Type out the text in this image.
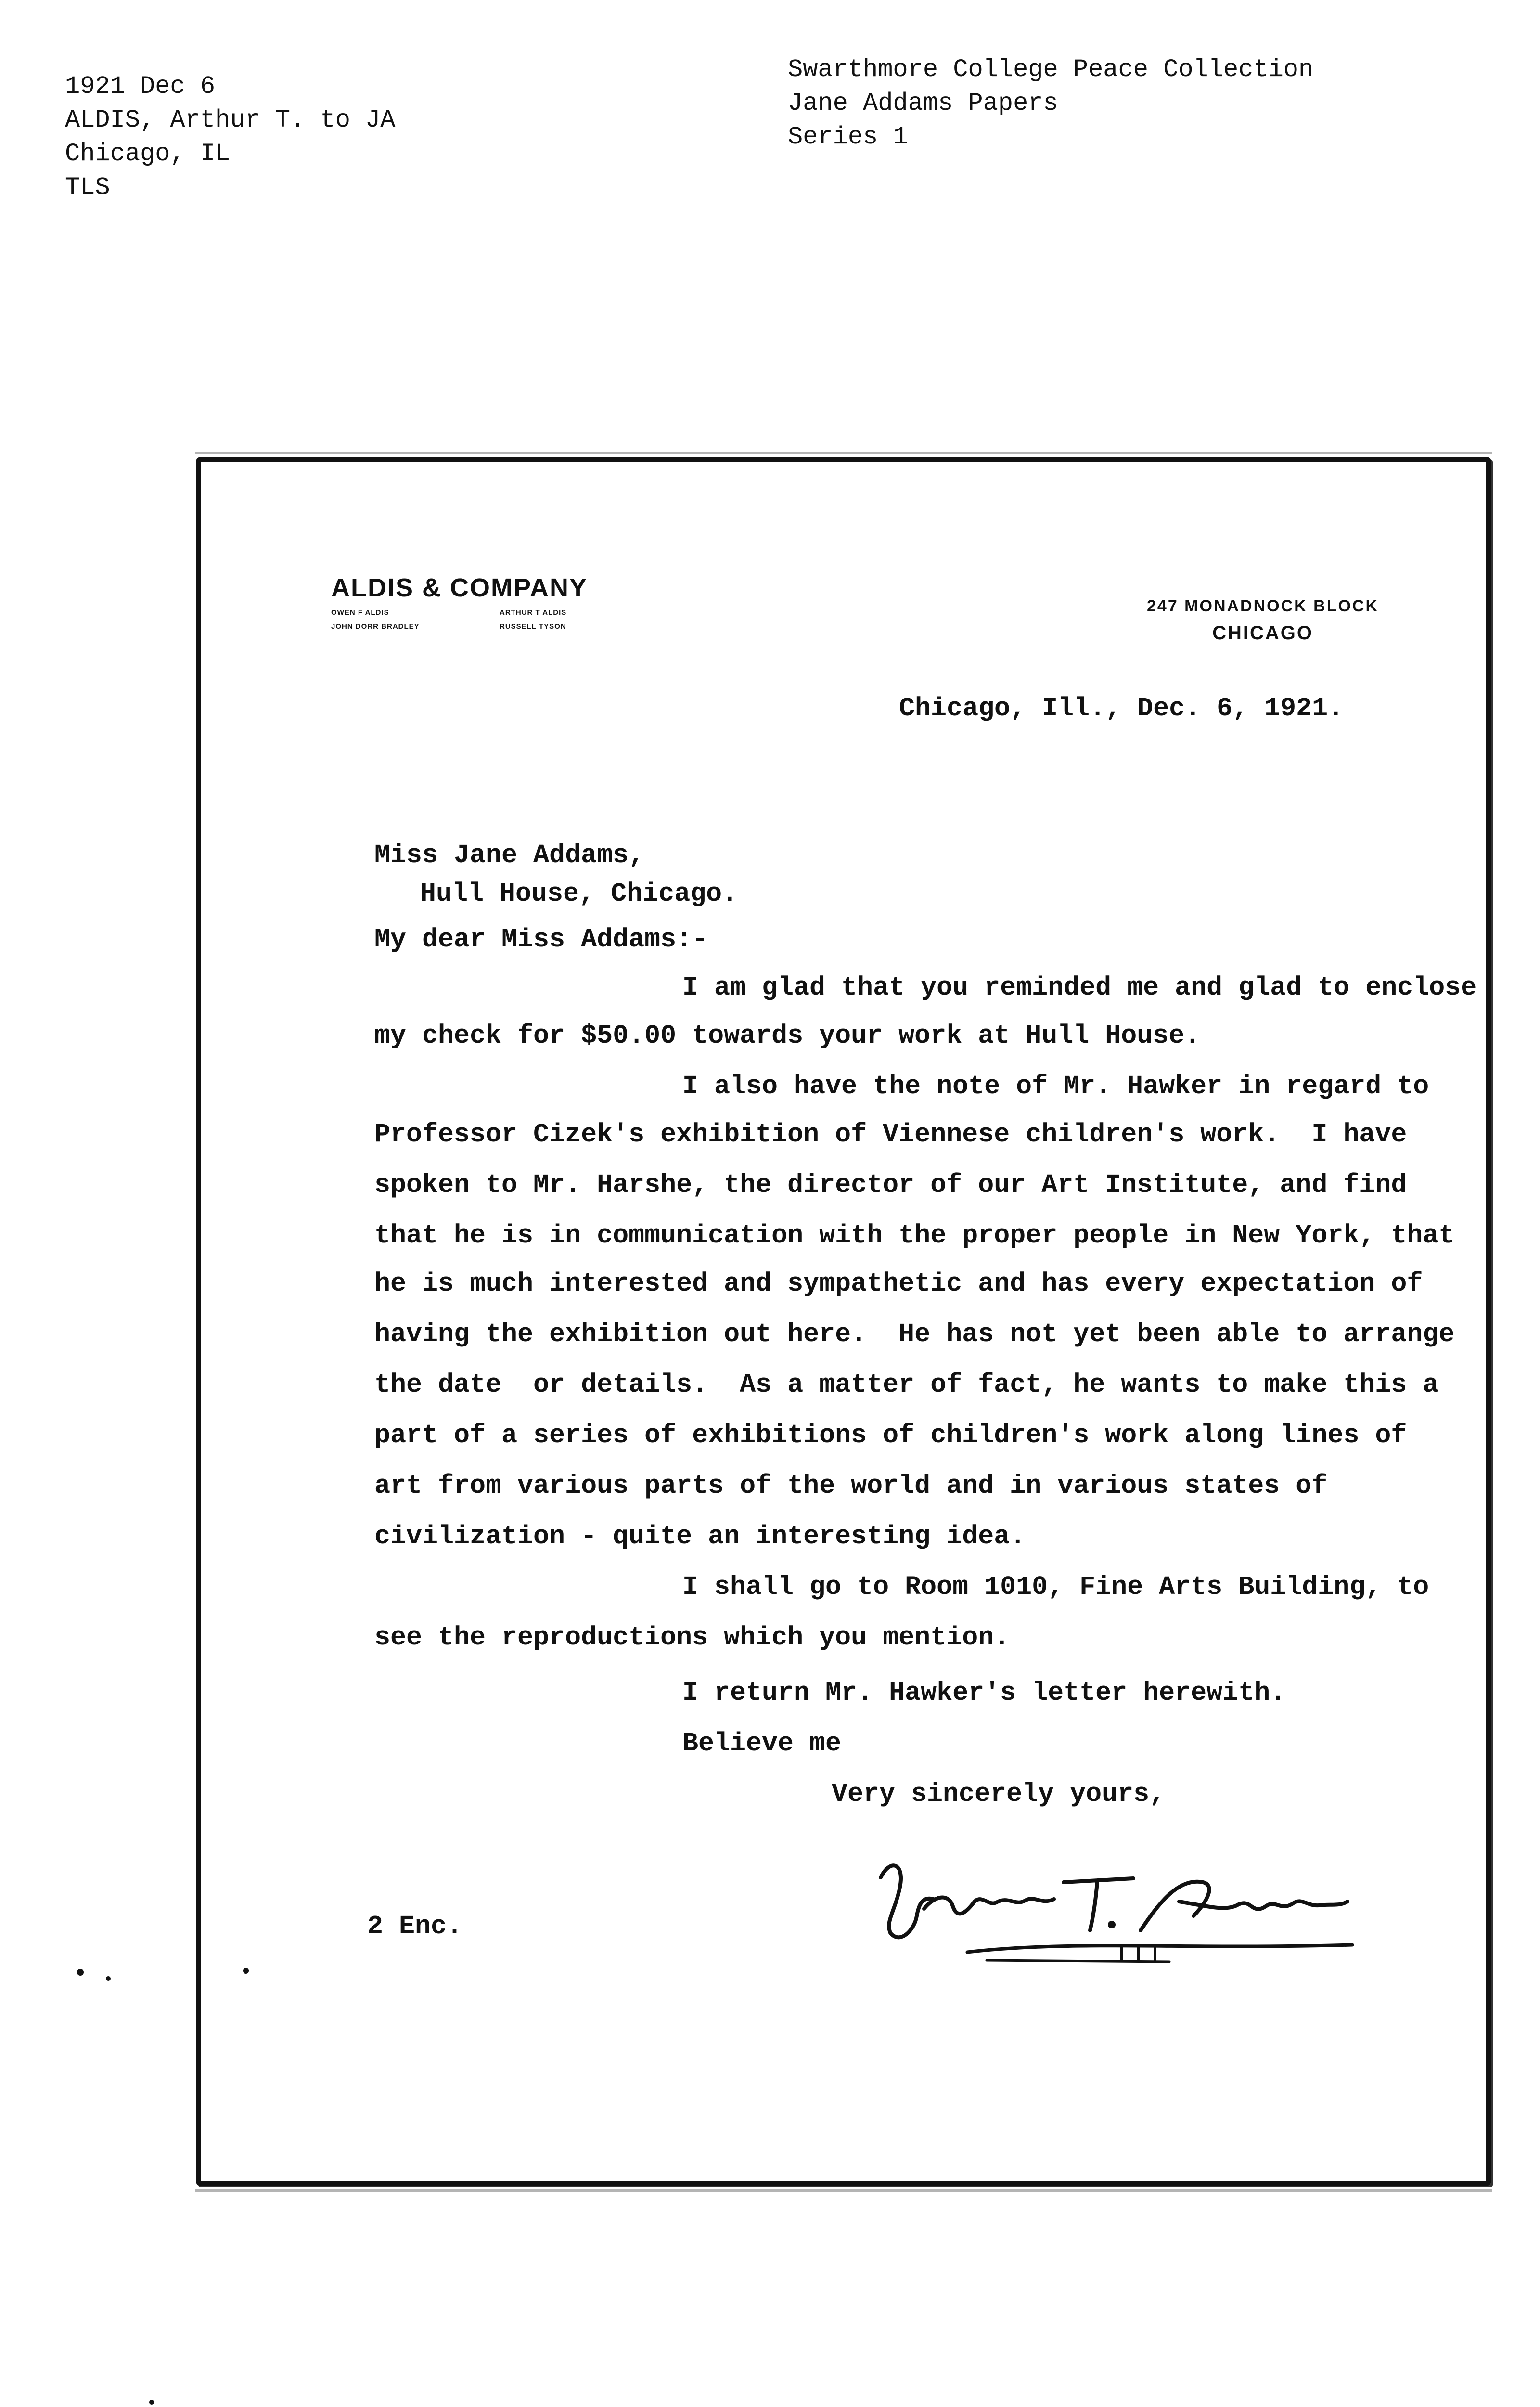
1921 Dec 6
ALDIS, Arthur T. to JA
Chicago, IL
TLS
Swarthmore College Peace Collection
Jane Addams Papers
Series 1
ALDIS & COMPANY
OWEN F ALDIS	ARTHUR T ALDIS
JOHN DORR BRADLEY	RUSSELL TYSON
247 MONADNOCK BLOCK
CHICAGO
Chicago, Ill., Dec. 6, 1921.
Miss Jane Addams,
Hull House, Chicago.
My dear Miss Addams:-
I am glad that you reminded me and glad to enclose
my check for $50.00 towards your work at Hull House.
I also have the note of Mr. Hawker in regard to
Professor Cizek's exhibition of Viennese children's work.  I have
spoken to Mr. Harshe, the director of our Art Institute, and find
that he is in communication with the proper people in New York, that
he is much interested and sympathetic and has every expectation of
having the exhibition out here.  He has not yet been able to arrange
the date  or details.  As a matter of fact, he wants to make this a
part of a series of exhibitions of children's work along lines of
art from various parts of the world and in various states of
civilization - quite an interesting idea.
I shall go to Room 1010, Fine Arts Building, to
see the reproductions which you mention.
I return Mr. Hawker's letter herewith.
Believe me
Very sincerely yours,
2 Enc.
